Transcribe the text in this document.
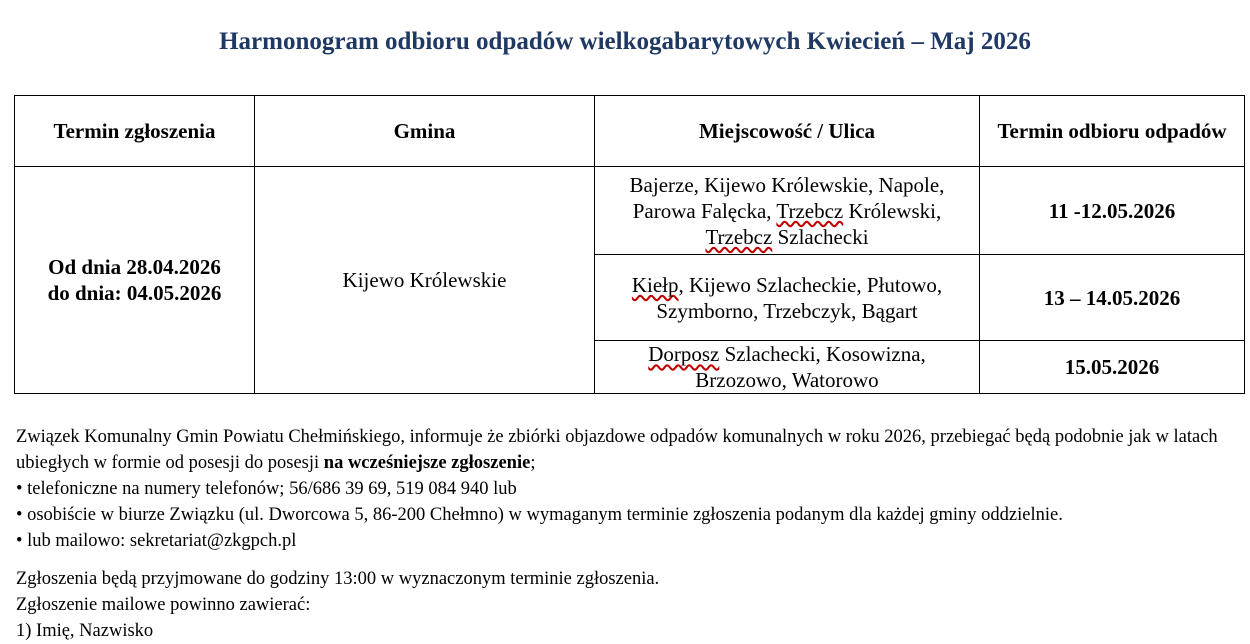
Harmonogram odbioru odpadów wielkogabarytowych Kwiecień – Maj 2026
Termin zgłoszenia	Gmina	Miejscowość / Ulica	Termin odbioru odpadów

Od dnia 28.04.2026
do dnia: 04.05.2026	Kijewo Królewskie	Bajerze, Kijewo Królewskie, Napole, Parowa Falęcka, Trzebcz Królewski, Trzebcz Szlachecki	11 -12.05.2026
		Kiełp, Kijewo Szlacheckie, Płutowo, Szymborno, Trzebczyk, Bągart	13 – 14.05.2026
		Dorposz Szlachecki, Kosowizna, Brzozowo, Watorowo	15.05.2026

Związek Komunalny Gmin Powiatu Chełmińskiego, informuje że zbiórki objazdowe odpadów komunalnych w roku 2026, przebiegać będą podobnie jak w latach ubiegłych w formie od posesji do posesji na wcześniejsze zgłoszenie;

• telefoniczne na numery telefonów; 56/686 39 69, 519 084 940 lub

• osobiście w biurze Związku (ul. Dworcowa 5, 86-200 Chełmno) w wymaganym terminie zgłoszenia podanym dla każdej gminy oddzielnie.

• lub mailowo: sekretariat@zkgpch.pl

Zgłoszenia będą przyjmowane do godziny 13:00 w wyznaczonym terminie zgłoszenia.

Zgłoszenie mailowe powinno zawierać:

1) Imię, Nazwisko
